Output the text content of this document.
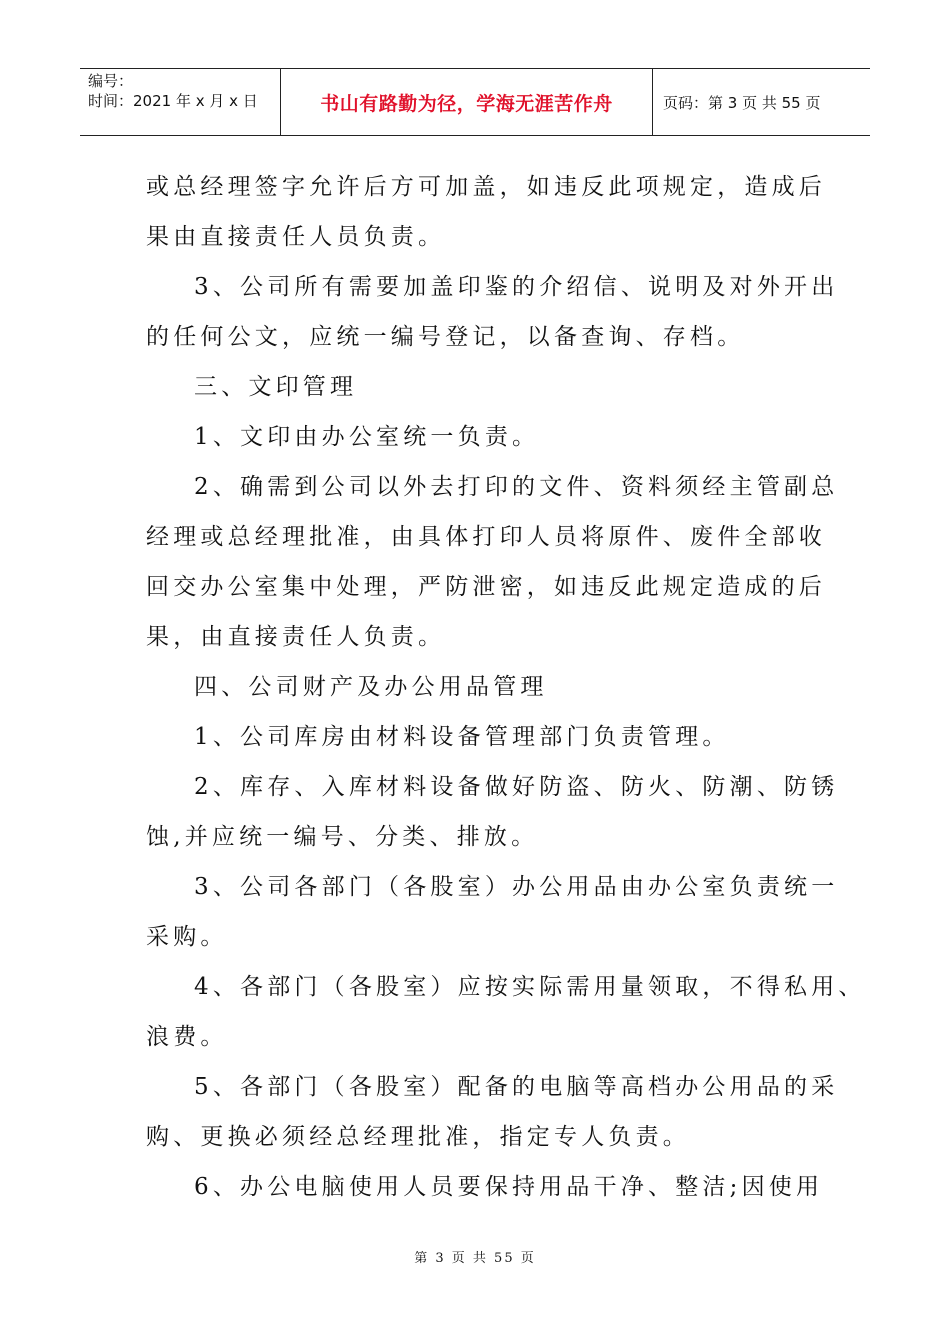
编号：
时间：2021 年 x 月 x 日	书山有路勤为径，学海无涯苦作舟	页码：第 3 页 共 55 页
或总经理签字允许后方可加盖，如违反此项规定，造成后
果由直接责任人员负责。
3、公司所有需要加盖印鉴的介绍信、说明及对外开出
的任何公文，应统一编号登记，以备查询、存档。
三、文印管理
1、文印由办公室统一负责。
2、确需到公司以外去打印的文件、资料须经主管副总
经理或总经理批准，由具体打印人员将原件、废件全部收
回交办公室集中处理，严防泄密，如违反此规定造成的后
果，由直接责任人负责。
四、公司财产及办公用品管理
1、公司库房由材料设备管理部门负责管理。
2、库存、入库材料设备做好防盗、防火、防潮、防锈
蚀,并应统一编号、分类、排放。
3、公司各部门（各股室）办公用品由办公室负责统一
采购。
4、各部门（各股室）应按实际需用量领取，不得私用、
浪费。
5、各部门（各股室）配备的电脑等高档办公用品的采
购、更换必须经总经理批准，指定专人负责。
6、办公电脑使用人员要保持用品干净、整洁;因使用
第 3 页 共 55 页
